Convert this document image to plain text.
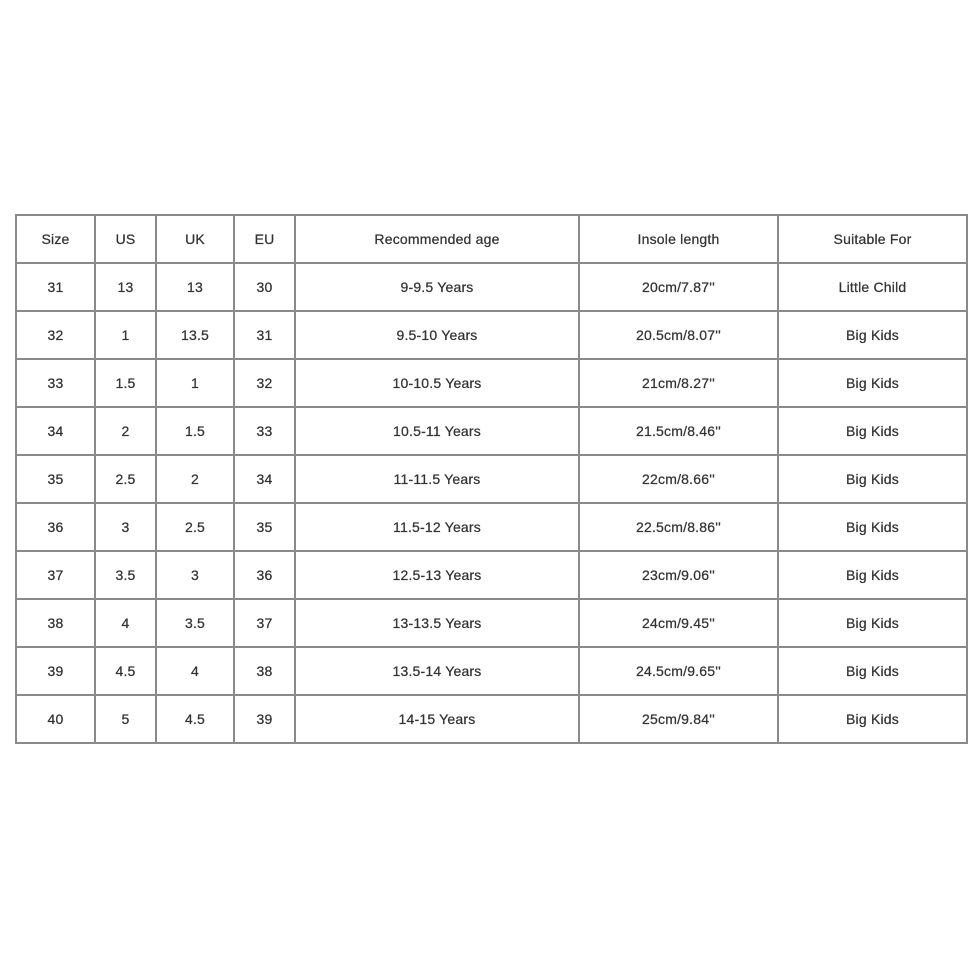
Size	US	UK	EU	Recommended age	Insole length	Suitable For
31	13	13	30	9-9.5 Years	20cm/7.87''	Little Child
32	1	13.5	31	9.5-10 Years	20.5cm/8.07''	Big Kids
33	1.5	1	32	10-10.5 Years	21cm/8.27''	Big Kids
34	2	1.5	33	10.5-11 Years	21.5cm/8.46''	Big Kids
35	2.5	2	34	11-11.5 Years	22cm/8.66''	Big Kids
36	3	2.5	35	11.5-12 Years	22.5cm/8.86''	Big Kids
37	3.5	3	36	12.5-13 Years	23cm/9.06''	Big Kids
38	4	3.5	37	13-13.5 Years	24cm/9.45''	Big Kids
39	4.5	4	38	13.5-14 Years	24.5cm/9.65''	Big Kids
40	5	4.5	39	14-15 Years	25cm/9.84''	Big Kids
